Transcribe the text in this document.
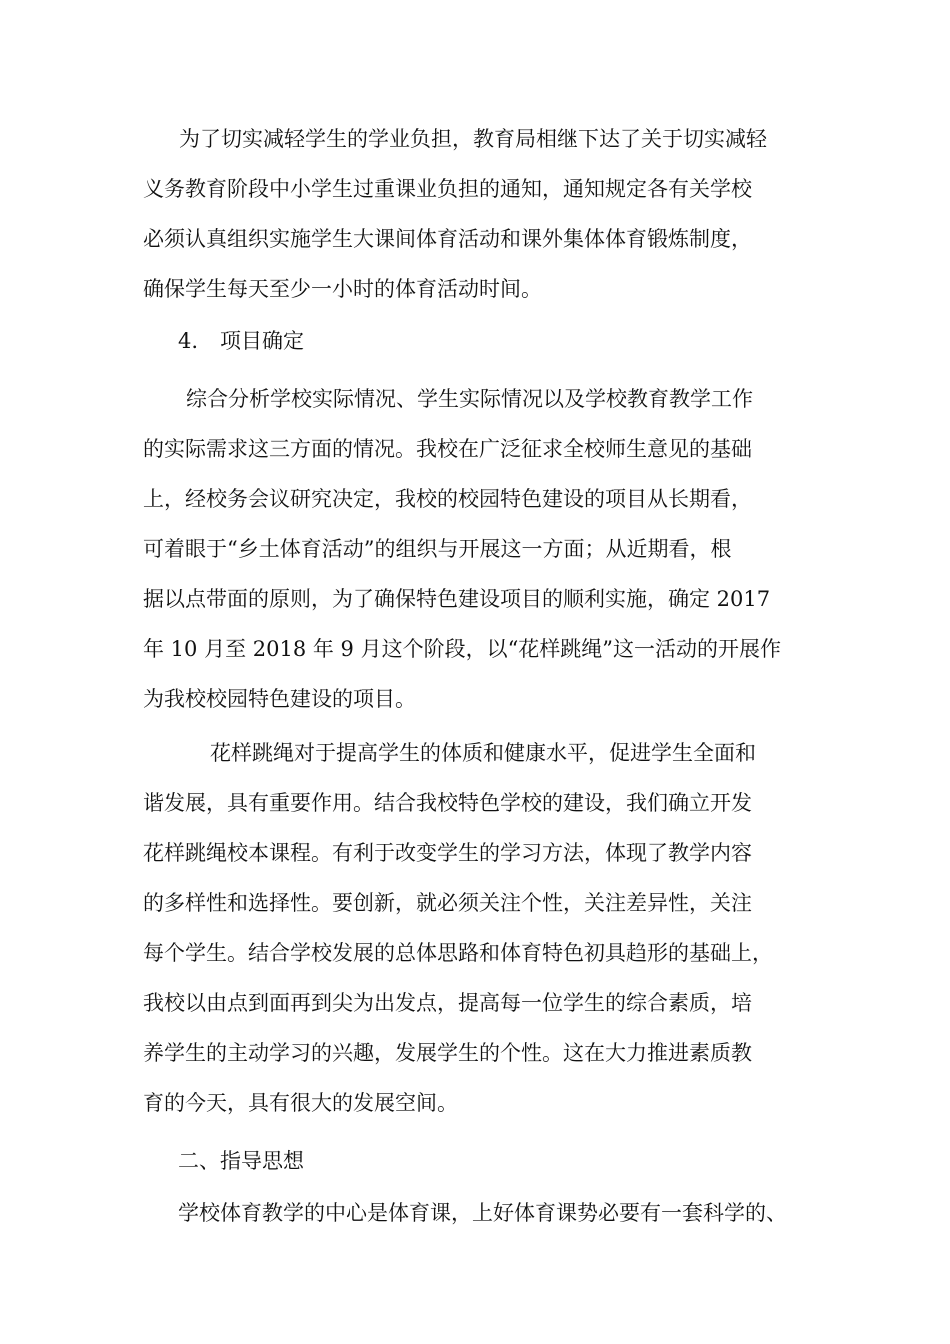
为了切实减轻学生的学业负担，教育局相继下达了关于切实减轻
义务教育阶段中小学生过重课业负担的通知，通知规定各有关学校
必须认真组织实施学生大课间体育活动和课外集体体育锻炼制度，
确保学生每天至少一小时的体育活动时间。
4. 项目确定
综合分析学校实际情况、学生实际情况以及学校教育教学工作
的实际需求这三方面的情况。我校在广泛征求全校师生意见的基础
上，经校务会议研究决定，我校的校园特色建设的项目从长期看，
可着眼于“乡土体育活动”的组织与开展这一方面；从近期看，根
据以点带面的原则，为了确保特色建设项目的顺利实施，确定 2017
年 10 月至 2018 年 9 月这个阶段，以“花样跳绳”这一活动的开展作
为我校校园特色建设的项目。
花样跳绳对于提高学生的体质和健康水平，促进学生全面和
谐发展，具有重要作用。结合我校特色学校的建设，我们确立开发
花样跳绳校本课程。有利于改变学生的学习方法，体现了教学内容
的多样性和选择性。要创新，就必须关注个性，关注差异性，关注
每个学生。结合学校发展的总体思路和体育特色初具趋形的基础上，
我校以由点到面再到尖为出发点，提高每一位学生的综合素质，培
养学生的主动学习的兴趣，发展学生的个性。这在大力推进素质教
育的今天，具有很大的发展空间。
二、指导思想
学校体育教学的中心是体育课，上好体育课势必要有一套科学的、
